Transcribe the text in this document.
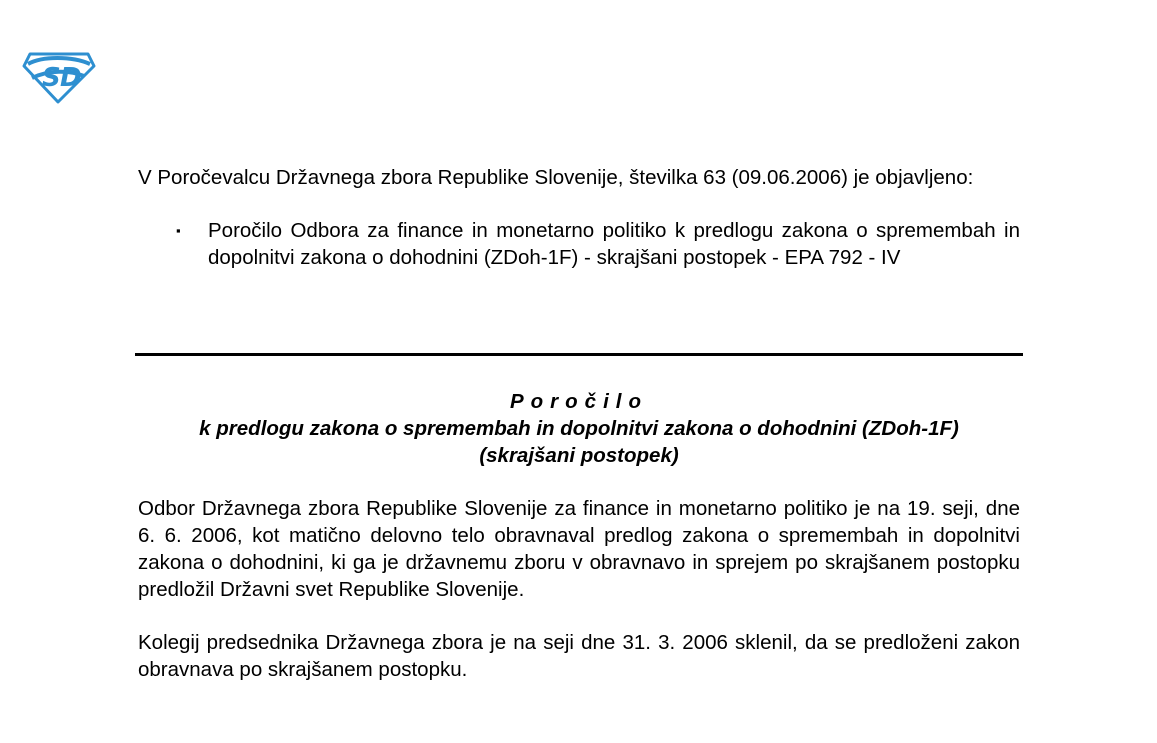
S D

V Poročevalcu Državnega zbora Republike Slovenije, številka 63 (09.06.2006) je objavljeno:

▪ Poročilo Odbora za finance in monetarno politiko k predlogu zakona o spremembah in dopolnitvi zakona o dohodnini (ZDoh-1F) - skrajšani postopek - EPA 792 - IV
Poročilo
k predlogu zakona o spremembah in dopolnitvi zakona o dohodnini (ZDoh-1F)
(skrajšani postopek)

Odbor Državnega zbora Republike Slovenije za finance in monetarno politiko je na 19. seji, dne 6. 6. 2006, kot matično delovno telo obravnaval predlog zakona o spremembah in dopolnitvi zakona o dohodnini, ki ga je državnemu zboru v obravnavo in sprejem po skrajšanem postopku predložil Državni svet Republike Slovenije.

Kolegij predsednika Državnega zbora je na seji dne 31. 3. 2006 sklenil, da se predloženi zakon obravnava po skrajšanem postopku.
